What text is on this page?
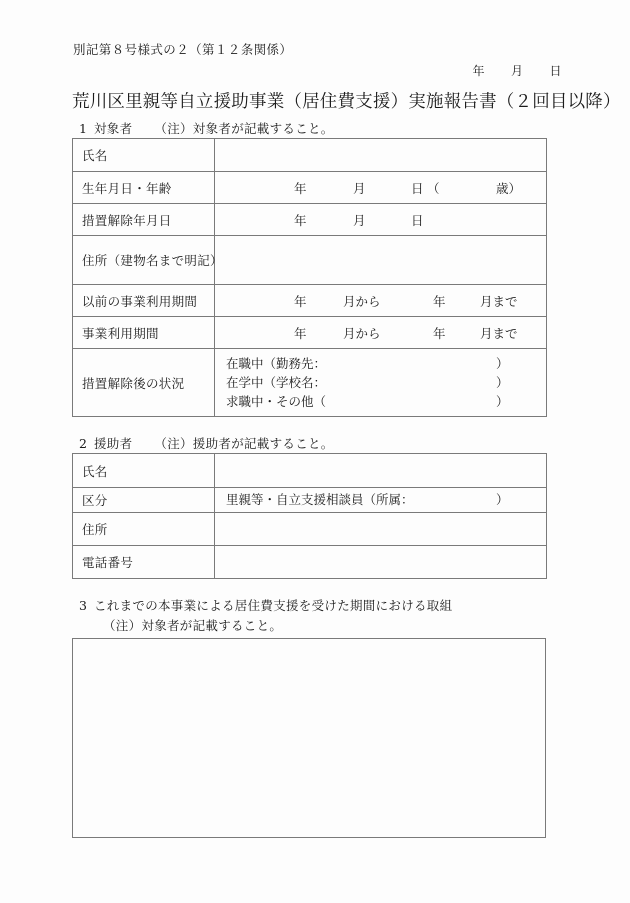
別記第８号様式の２（第１２条関係）
年 月 日
荒川区里親等自立援助事業（居住費支援）実施報告書（２回目以降）
1 対象者 （注）対象者が記載すること。
氏名	
生年月日・年齢	年 月 日 （ 歳）

措置解除年月日	年 月 日

住所（建物名まで明記）	
以前の事業利用期間	年 月から 年 月まで

事業利用期間	年 月から 年 月まで

措置解除後の状況	
在職中（勤務先：	）
在学中（学校名：	）
求職中・その他（	）
2 援助者 （注）援助者が記載すること。
氏名	
区分	里親等・自立支援相談員（所属： ）

住所	
電話番号	
3 これまでの本事業による居住費支援を受けた期間における取組
（注）対象者が記載すること。
